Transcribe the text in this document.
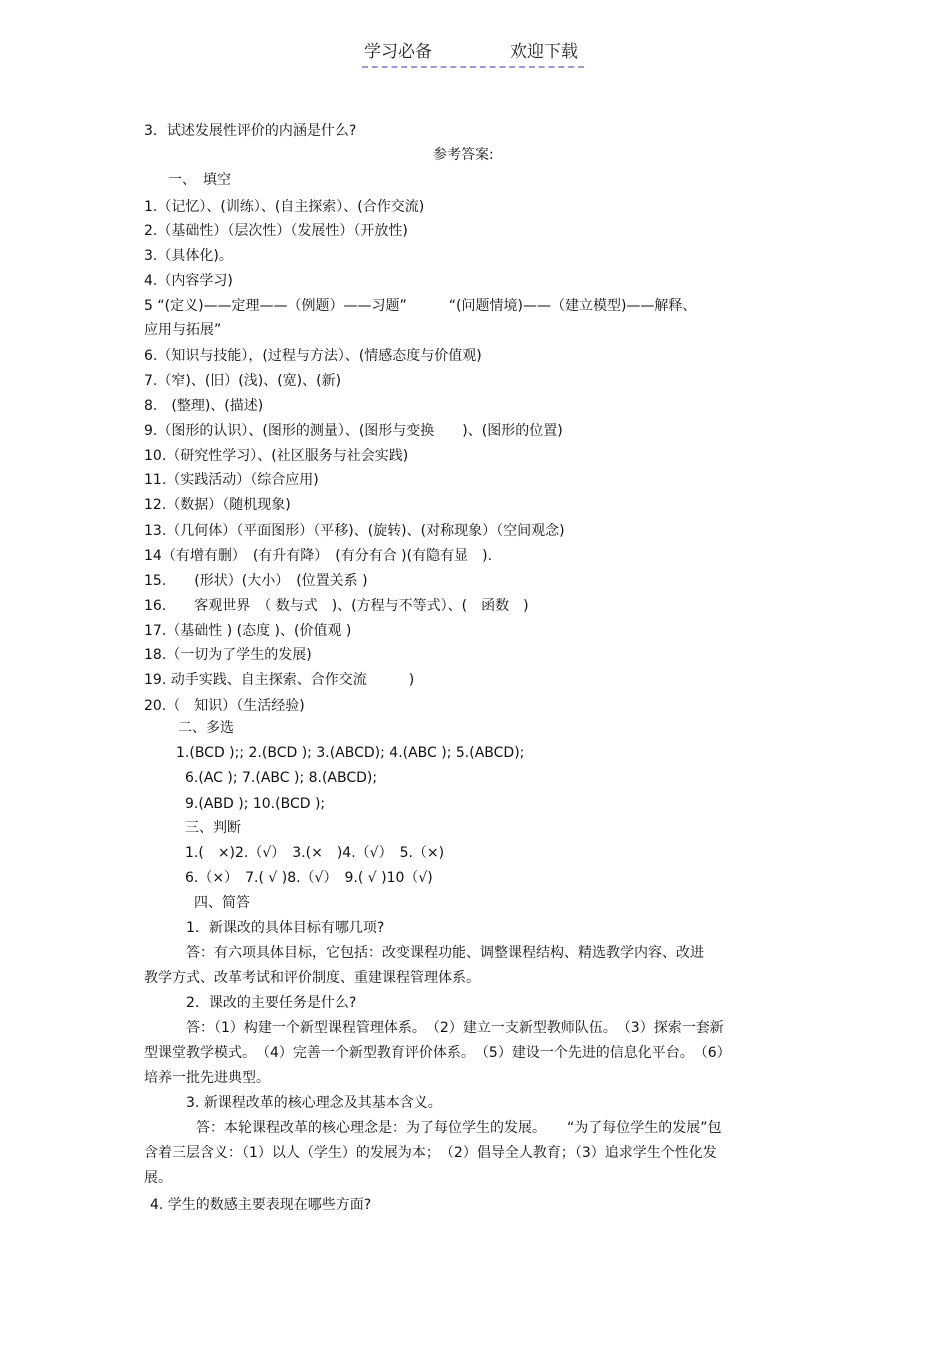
学习必备	欢迎下载
3．试述发展性评价的内涵是什么?
参考答案:
一、　填空
1.（记忆）、(训练）、(自主探索）、(合作交流)
2.（基础性）（层次性）（发展性）（开放性)
3.（具体化)。
4.（内容学习)
5 “(定义)——定理——（例题）——习题”　　　“(问题情境)——（建立模型)——解释、
应用与拓展”
6.（知识与技能），(过程与方法）、(情感态度与价值观)
7.（窄)、(旧）(浅)、(宽)、(新)
8.　(整理)、(描述)
9.（图形的认识）、(图形的测量）、(图形与变换　　)、(图形的位置)
10.（研究性学习）、(社区服务与社会实践)
11.（实践活动）（综合应用)
12.（数据）（随机现象)
13.（几何体）（平面图形）（平移)、(旋转)、(对称现象）（空间观念)
14（有增有删）　(有升有降）　(有分有合 )(有隐有显　).
15.　　(形状）(大小）　(位置关系 )
16.　　客观世界　（ 数与式　)、(方程与不等式）、(　函数　)
17.（基础性 ) (态度 )、(价值观 )
18.（一切为了学生的发展)
19. 动手实践、自主探索、合作交流　　　)
20.（　知识）（生活经验)
二、多选
1.(BCD );; 2.(BCD ); 3.(ABCD); 4.(ABC ); 5.(ABCD);
6.(AC ); 7.(ABC ); 8.(ABCD);
9.(ABD ); 10.(BCD );
三、判断
1.(　×)2.（√）　3.(×　)4.（√）　5.（×)
6.（×）　7.( √ )8.（√）　9.( √ )10（√)
四、简答
1．新课改的具体目标有哪几项?
答：有六项具体目标，它包括：改变课程功能、调整课程结构、精选教学内容、改进
教学方式、改革考试和评价制度、重建课程管理体系。
2．课改的主要任务是什么?
答：（1）构建一个新型课程管理体系。　（2）建立一支新型教师队伍。　（3）探索一套新
型课堂教学模式。　（4）完善一个新型教育评价体系。　（5）建设一个先进的信息化平台。　（6）
培养一批先进典型。
3. 新课程改革的核心理念及其基本含义。
答：本轮课程改革的核心理念是：为了每位学生的发展。　　“为了每位学生的发展”包
含着三层含义：（1）以人（学生）的发展为本；　（2）倡导全人教育；（3）追求学生个性化发
展。
4. 学生的数感主要表现在哪些方面?
